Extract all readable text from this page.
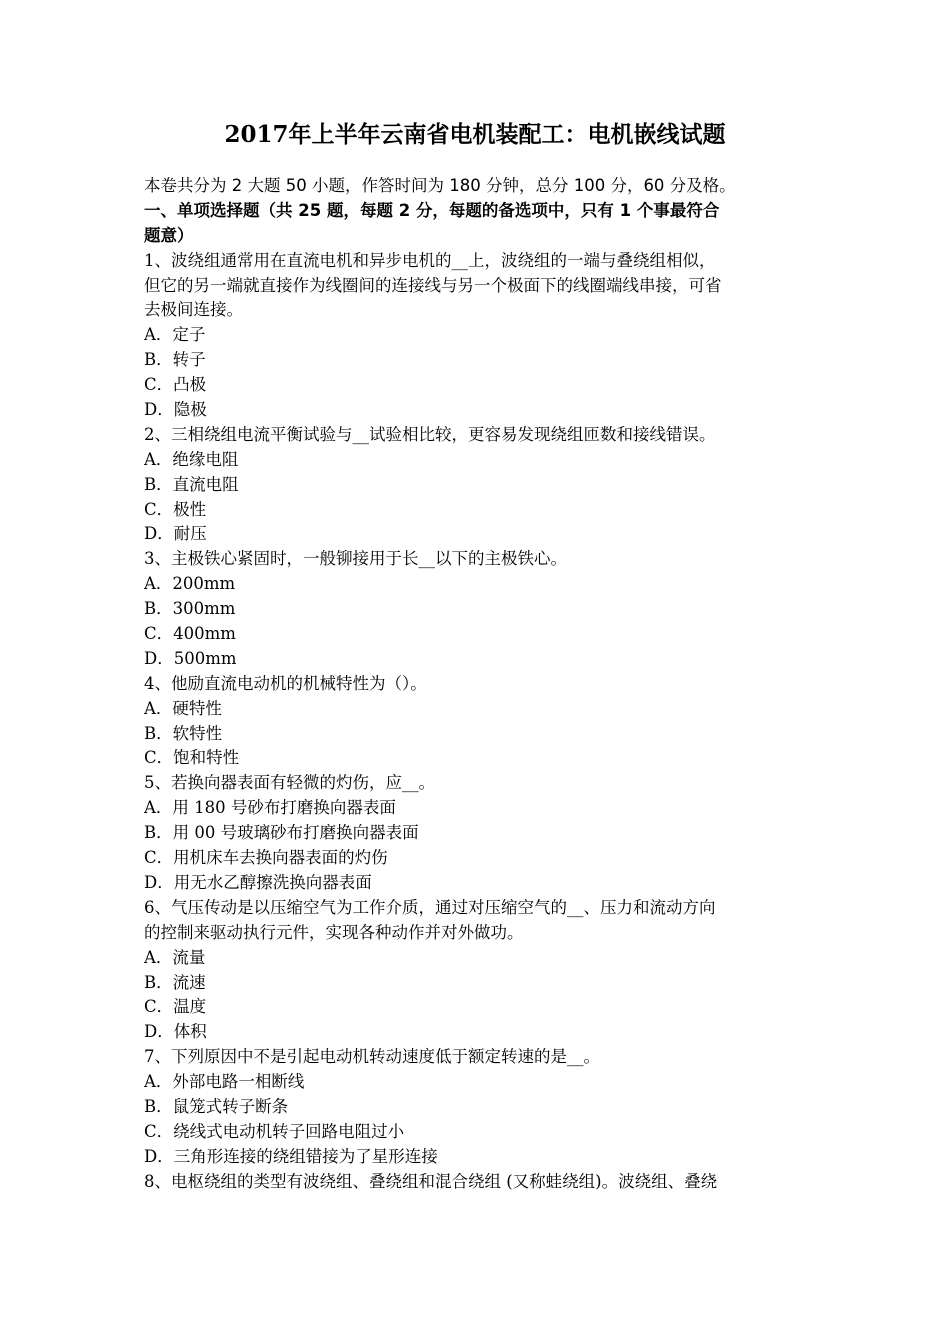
2017年上半年云南省电机装配工：电机嵌线试题
本卷共分为 2 大题 50 小题，作答时间为 180 分钟，总分 100 分，60 分及格。
一、单项选择题（共 25 题，每题 2 分，每题的备选项中，只有 1 个事最符合
题意）
1、波绕组通常用在直流电机和异步电机的__上，波绕组的一端与叠绕组相似，
但它的另一端就直接作为线圈间的连接线与另一个极面下的线圈端线串接，可省
去极间连接。
A．定子
B．转子
C．凸极
D．隐极
2、三相绕组电流平衡试验与__试验相比较，更容易发现绕组匝数和接线错误。
A．绝缘电阻
B．直流电阻
C．极性
D．耐压
3、主极铁心紧固时，一般铆接用于长__以下的主极铁心。
A．200mm
B．300mm
C．400mm
D．500mm
4、他励直流电动机的机械特性为（）。
A．硬特性
B．软特性
C．饱和特性
5、若换向器表面有轻微的灼伤，应__。
A．用 180 号砂布打磨换向器表面
B．用 00 号玻璃砂布打磨换向器表面
C．用机床车去换向器表面的灼伤
D．用无水乙醇擦洗换向器表面
6、气压传动是以压缩空气为工作介质，通过对压缩空气的__、压力和流动方向
的控制来驱动执行元件，实现各种动作并对外做功。
A．流量
B．流速
C．温度
D．体积
7、下列原因中不是引起电动机转动速度低于额定转速的是__。
A．外部电路一相断线
B．鼠笼式转子断条
C．绕线式电动机转子回路电阻过小
D．三角形连接的绕组错接为了星形连接
8、电枢绕组的类型有波绕组、叠绕组和混合绕组 (又称蛙绕组)。波绕组、叠绕
